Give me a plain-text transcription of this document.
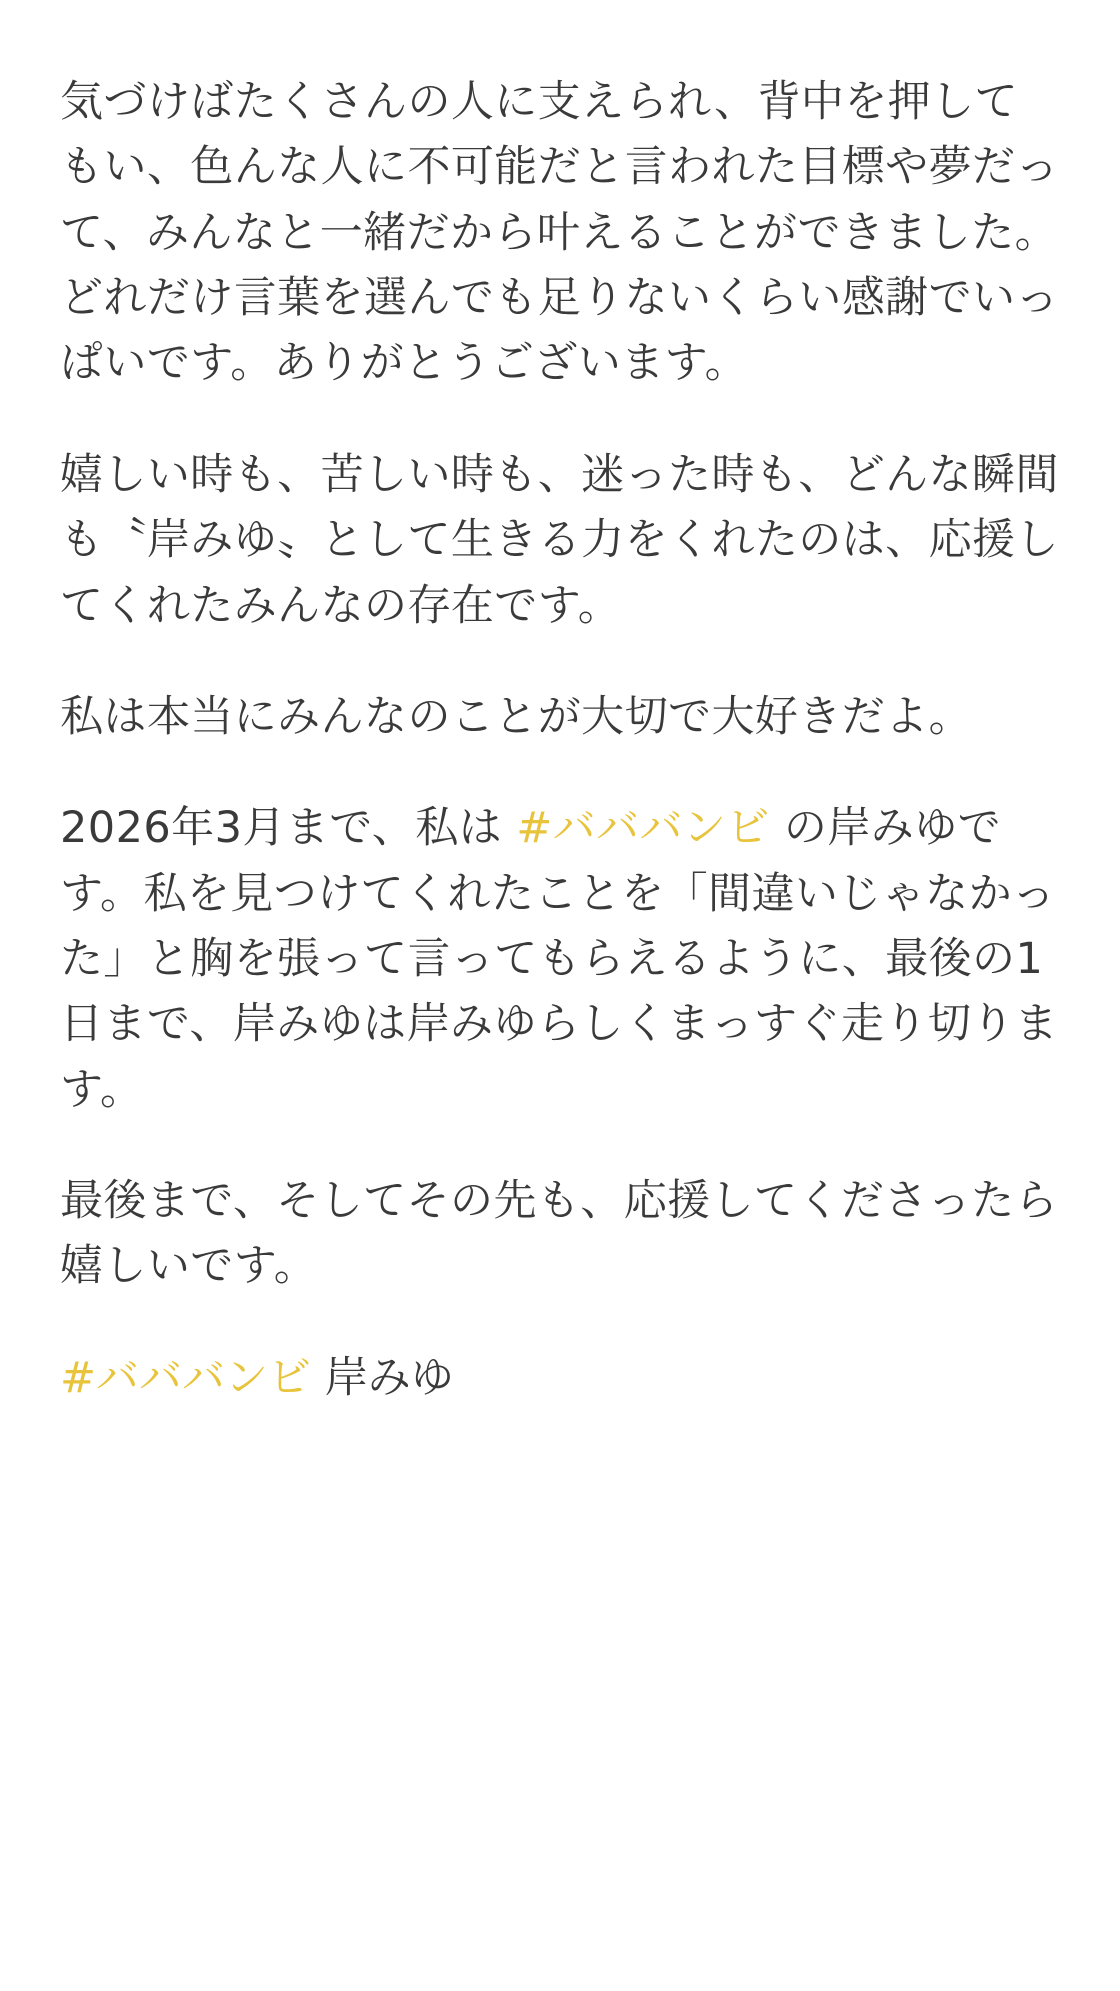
気づけばたくさんの人に支えられ、背中を押してもい、色んな人に不可能だと言われた目標や夢だって、みんなと一緒だから叶えることができました。どれだけ言葉を選んでも足りないくらい感謝でいっぱいです。ありがとうございます。

嬉しい時も、苦しい時も、迷った時も、どんな瞬間も〝岸みゆ〟として生きる力をくれたのは、応援してくれたみんなの存在です。

私は本当にみんなのことが大切で大好きだよ。

2026年3月まで、私は #バババンビ の岸みゆです。私を見つけてくれたことを「間違いじゃなかった」と胸を張って言ってもらえるように、最後の1日まで、岸みゆは岸みゆらしくまっすぐ走り切ります。

最後まで、そしてその先も、応援してくださったら嬉しいです。

#バババンビ 岸みゆ
